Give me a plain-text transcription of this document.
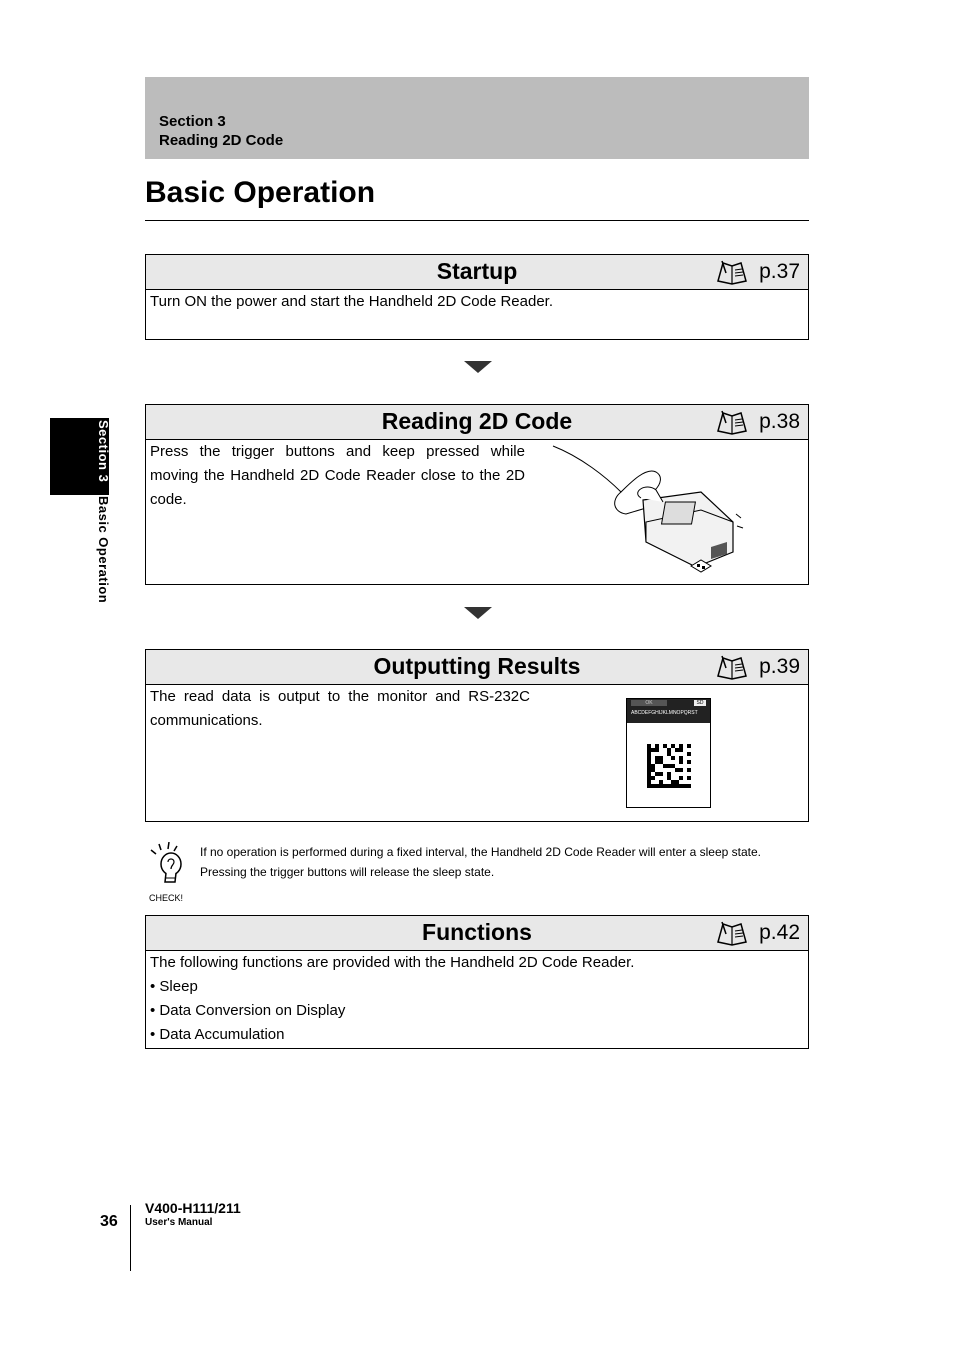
Section 3
Reading 2D Code
Basic Operation
Section 3 Basic Operation
Startup	p.37
Turn ON the power and start the Handheld 2D Code Reader.
Reading 2D Code	p.38
Press the trigger buttons and keep pressed while moving the Handheld 2D Code Reader close to the 2D code.
Outputting Results	p.39
The read data is output to the monitor and RS-232C communications.
OK	SD
ABCDEFGHIJKLMNOPQRST
CHECK!
If no operation is performed during a fixed interval, the Handheld 2D Code Reader will enter a sleep state.
Pressing the trigger buttons will release the sleep state.
Functions	p.42
The following functions are provided with the Handheld 2D Code Reader.
• Sleep
• Data Conversion on Display
• Data Accumulation
36
V400-H111/211
User's Manual
